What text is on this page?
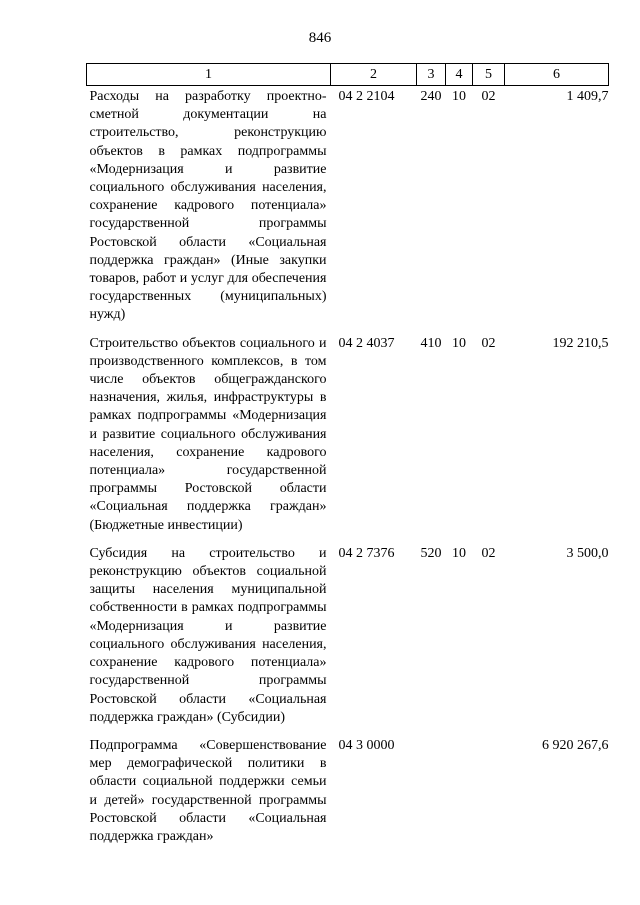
846
1	2	3	4	5	6
Расходы на разработку проектно-сметной документации на строительство, реконструкцию объектов в рамках подпрограммы «Модернизация и развитие социального обслуживания населения, сохранение кадрового потенциала» государственной программы Ростовской области «Социальная поддержка граждан» (Иные закупки товаров, работ и услуг для обеспечения государственных (муниципальных) нужд)	04 2 2104	240	10	02	1 409,7
Строительство объектов социального и производственного комплексов, в том числе объектов общегражданского назначения, жилья, инфраструктуры в рамках подпрограммы «Модернизация и развитие социального обслуживания населения, сохранение кадрового потенциала» государственной программы Ростовской области «Социальная поддержка граждан» (Бюджетные инвестиции)	04 2 4037	410	10	02	192 210,5
Субсидия на строительство и реконструкцию объектов социальной защиты населения муниципальной собственности в рамках подпрограммы «Модернизация и развитие социального обслуживания населения, сохранение кадрового потенциала» государственной программы Ростовской области «Социальная поддержка граждан» (Субсидии)	04 2 7376	520	10	02	3 500,0
Подпрограмма «Совершенствование мер демографической политики в области социальной поддержки семьи и детей» государственной программы Ростовской области «Социальная поддержка граждан»	04 3 0000				6 920 267,6
